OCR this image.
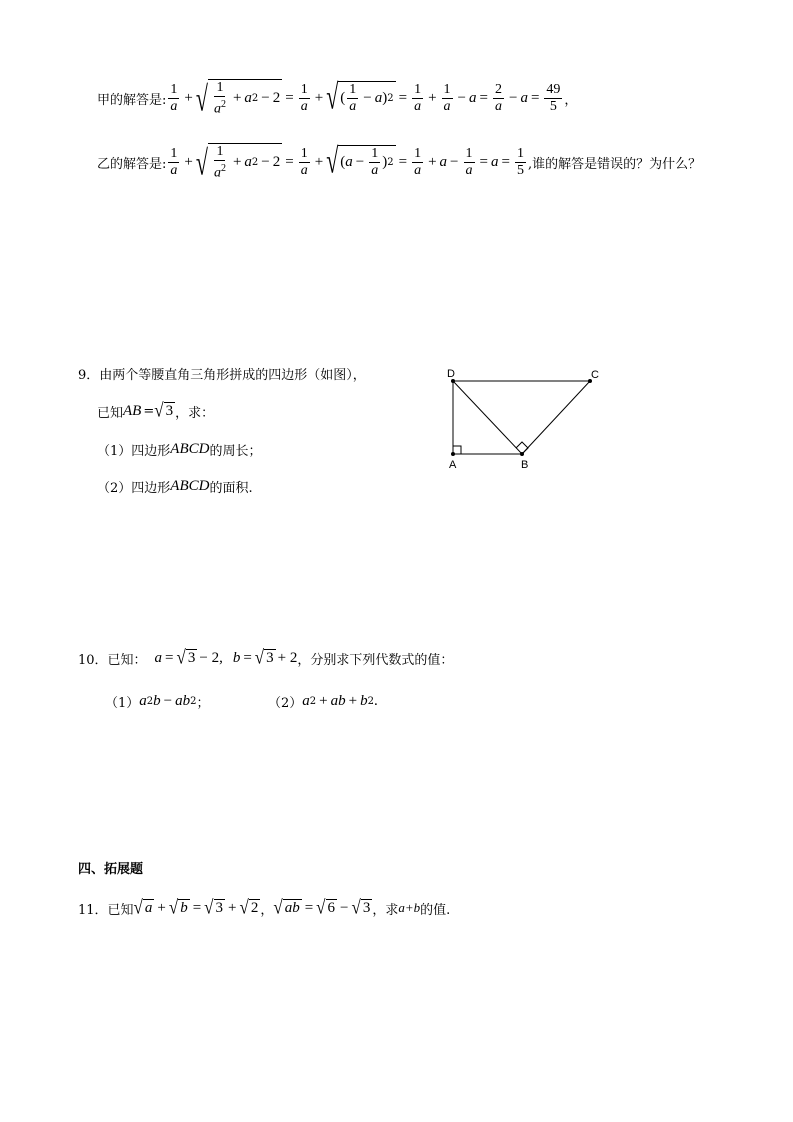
甲的解答是: $\frac{1}{a}$ + √ $\frac{1}{a^2} + a$ $2 - 2 = \frac{1}{a}$ + √ ( $\frac{1}{a} - a$ ) $2 = \frac{1}{a} + \frac{1}{a} - a = \frac{2}{a} - a = \frac{49}{5}$ ，
乙的解答是: $\frac{1}{a}$ + √ $\frac{1}{a^2} + a$ $2 - 2 = \frac{1}{a}$ + √ ( $a - \frac{1}{a}$ ) $2 = \frac{1}{a} + a - \frac{1}{a} = a = \frac{1}{5}$ ,谁的解答是错误的？为什么？
9．由两个等腰直角三角形拼成的四边形（如图），
已知 AB = √ 3 ，求：
（1）四边形 ABCD 的周长；
（2）四边形 ABCD 的面积.
D	C
A	B
10．已知： a = √ 3 − 2, b = √ 3 + 2 ，分别求下列代数式的值：
（1） a 2 b − ab 2 ；	（2） a 2 + ab + b 2 .
四、拓展题
11．已知 √ a + √ b = √ 3 + √ 2 ， √ ab = √ 6 − √ 3 ，求 a+b 的值.
